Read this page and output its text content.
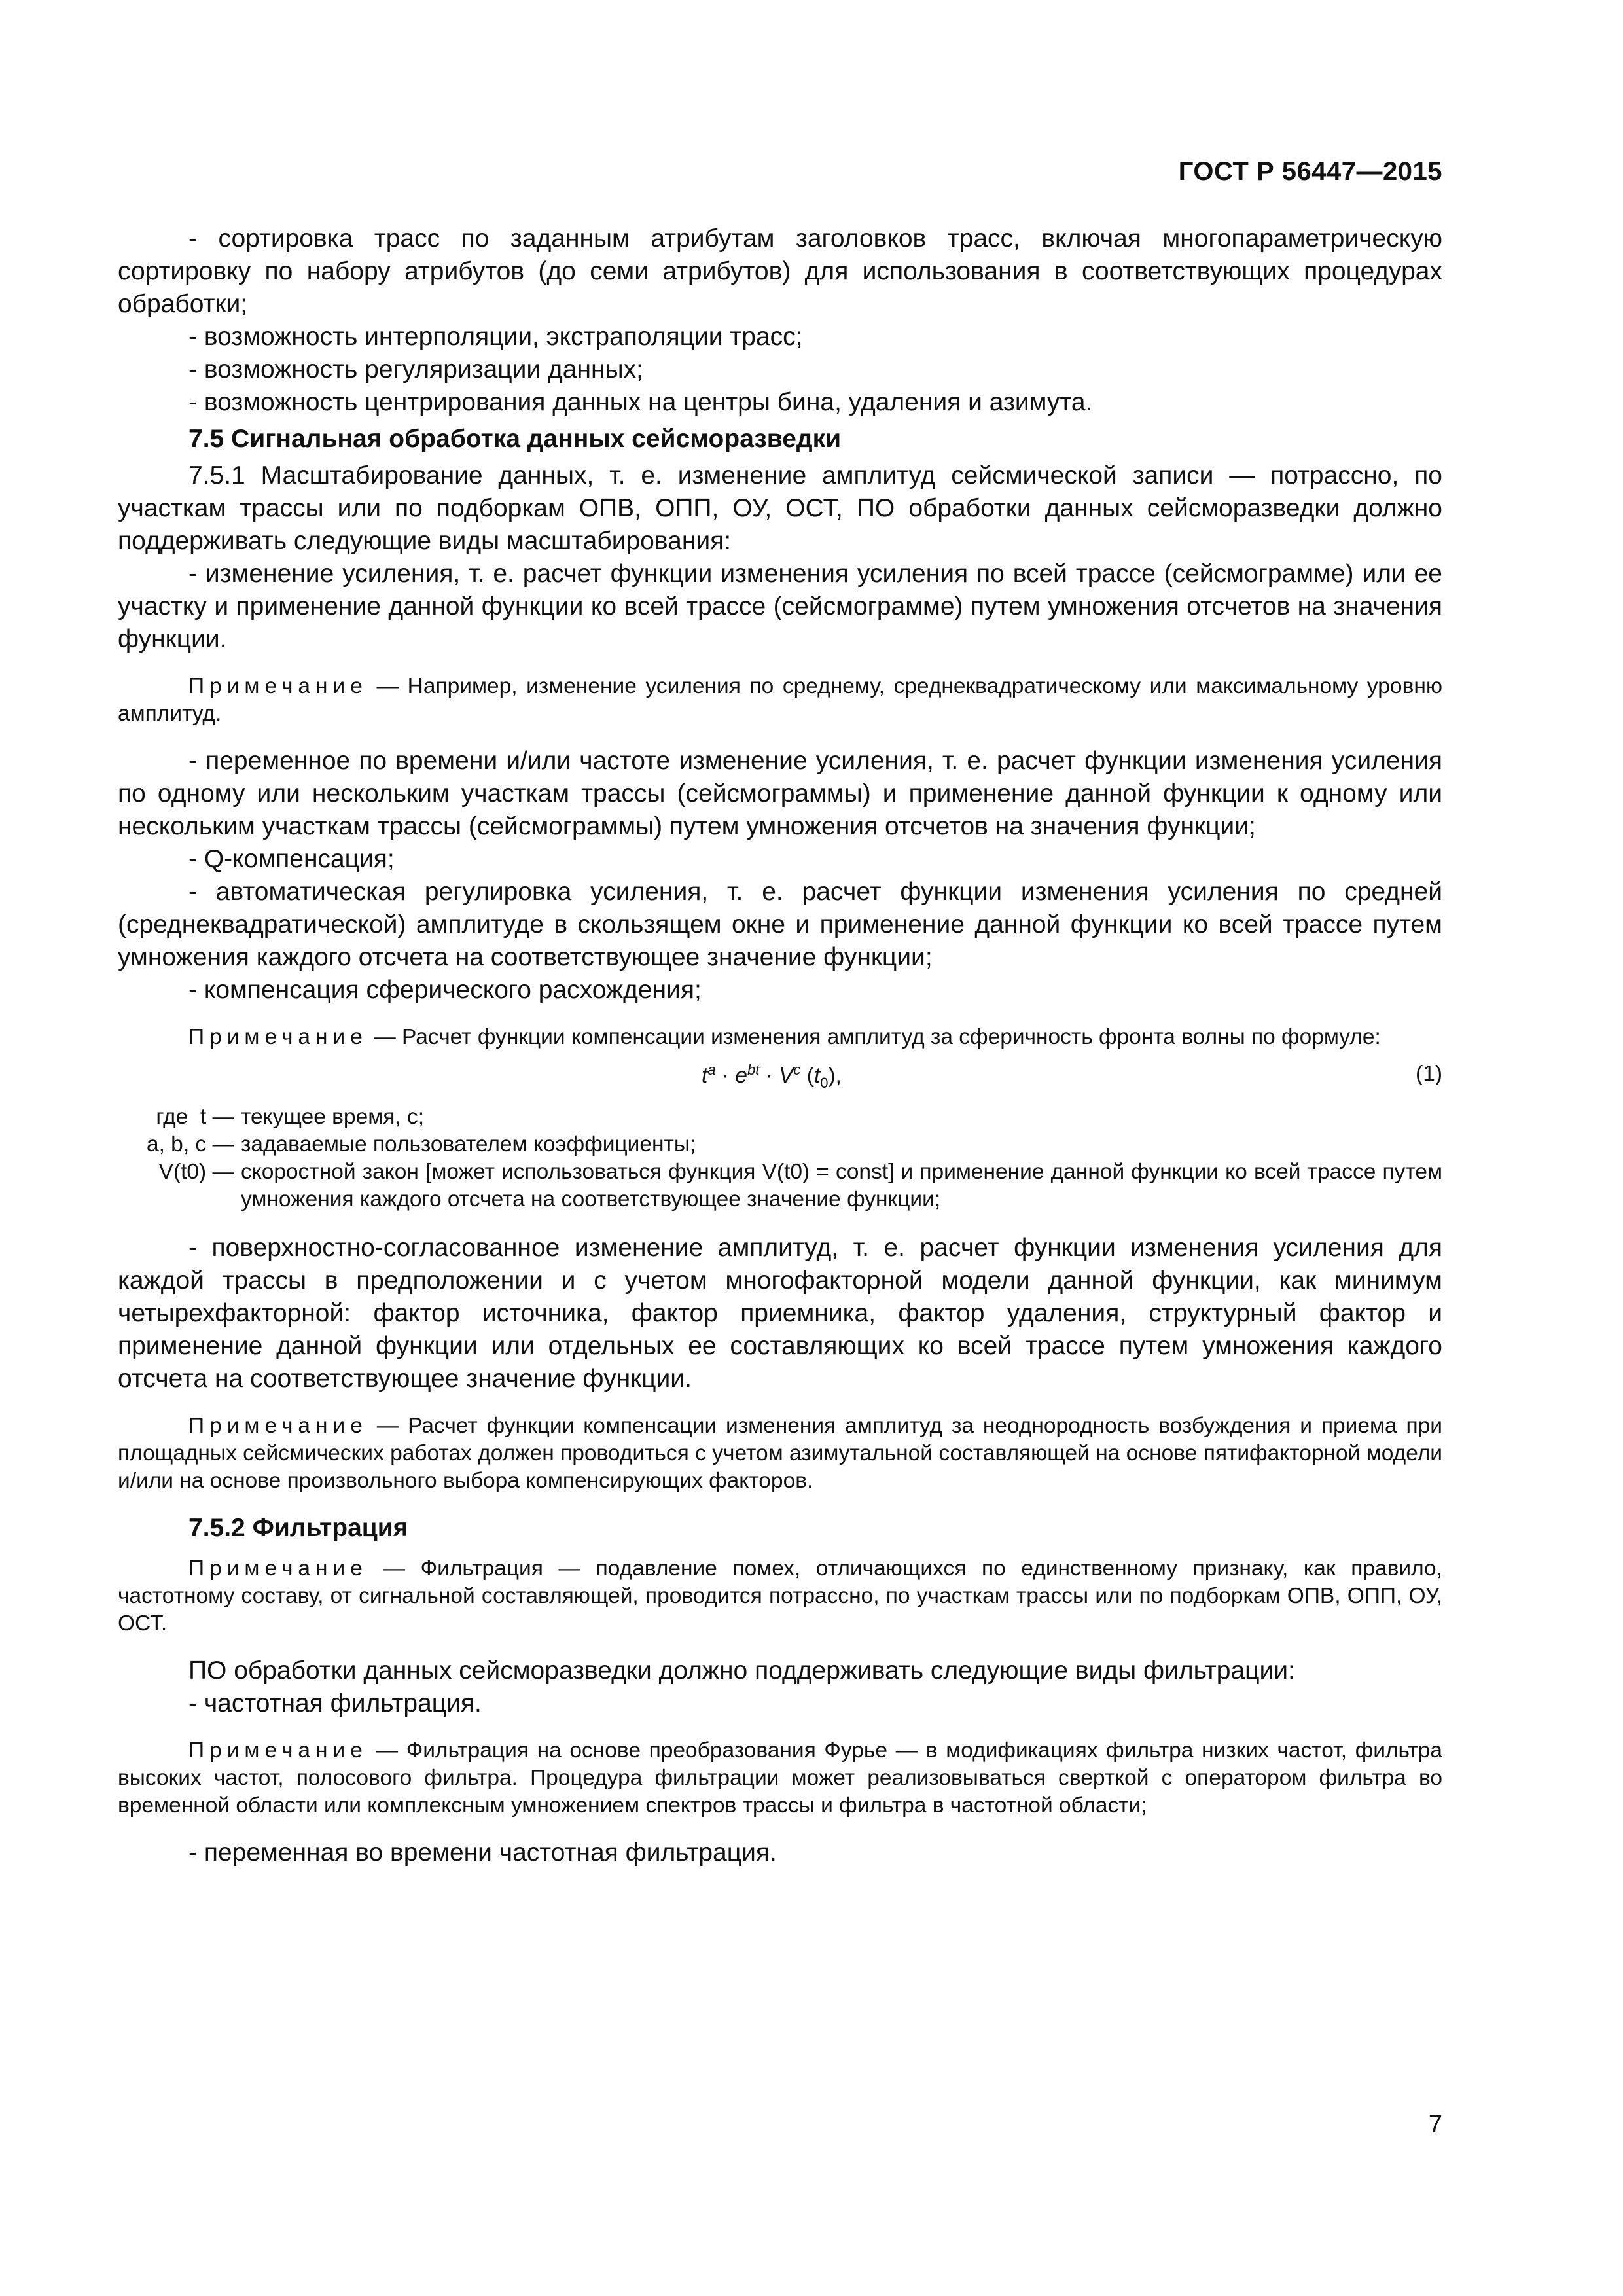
ГОСТ Р 56447—2015

- сортировка трасс по заданным атрибутам заголовков трасс, включая многопараметрическую сортировку по набору атрибутов (до семи атрибутов) для использования в соответствующих процедурах обработки;

- возможность интерполяции, экстраполяции трасс;

- возможность регуляризации данных;

- возможность центрирования данных на центры бина, удаления и азимута.

7.5 Сигнальная обработка данных сейсморазведки

7.5.1 Масштабирование данных, т. е. изменение амплитуд сейсмической записи — потрассно, по участкам трассы или по подборкам ОПВ, ОПП, ОУ, ОСТ, ПО обработки данных сейсморазведки должно поддерживать следующие виды масштабирования:

- изменение усиления, т. е. расчет функции изменения усиления по всей трассе (сейсмограмме) или ее участку и применение данной функции ко всей трассе (сейсмограмме) путем умножения отсчетов на значения функции.

Примечание — Например, изменение усиления по среднему, среднеквадратическому или максимальному уровню амплитуд.

- переменное по времени и/или частоте изменение усиления, т. е. расчет функции изменения усиления по одному или нескольким участкам трассы (сейсмограммы) и применение данной функции к одному или нескольким участкам трассы (сейсмограммы) путем умножения отсчетов на значения функции;

- Q-компенсация;

- автоматическая регулировка усиления, т. е. расчет функции изменения усиления по средней (среднеквадратической) амплитуде в скользящем окне и применение данной функции ко всей трассе путем умножения каждого отсчета на соответствующее значение функции;

- компенсация сферического расхождения;

Примечание — Расчет функции компенсации изменения амплитуд за сферичность фронта волны по формуле:

$t^a \cdot e^{bt} \cdot V^c$ $(t_0)$,	(1)
где  t — текущее время, с;
a, b, c — задаваемые пользователем коэффициенты;
V(t0) — скоростной закон [может использоваться функция V(t0) = const] и применение данной функции ко всей трассе путем умножения каждого отсчета на соответствующее значение функции;

- поверхностно-согласованное изменение амплитуд, т. е. расчет функции изменения усиления для каждой трассы в предположении и с учетом многофакторной модели данной функции, как минимум четырехфакторной: фактор источника, фактор приемника, фактор удаления, структурный фактор и применение данной функции или отдельных ее составляющих ко всей трассе путем умножения каждого отсчета на соответствующее значение функции.

Примечание — Расчет функции компенсации изменения амплитуд за неоднородность возбуждения и приема при площадных сейсмических работах должен проводиться с учетом азимутальной составляющей на основе пятифакторной модели и/или на основе произвольного выбора компенсирующих факторов.

7.5.2 Фильтрация

Примечание — Фильтрация — подавление помех, отличающихся по единственному признаку, как правило, частотному составу, от сигнальной составляющей, проводится потрассно, по участкам трассы или по подборкам ОПВ, ОПП, ОУ, ОСТ.

ПО обработки данных сейсморазведки должно поддерживать следующие виды фильтрации:

- частотная фильтрация.

Примечание — Фильтрация на основе преобразования Фурье — в модификациях фильтра низких частот, фильтра высоких частот, полосового фильтра. Процедура фильтрации может реализовываться сверткой с оператором фильтра во временной области или комплексным умножением спектров трассы и фильтра в частотной области;

- переменная во времени частотная фильтрация.

7
